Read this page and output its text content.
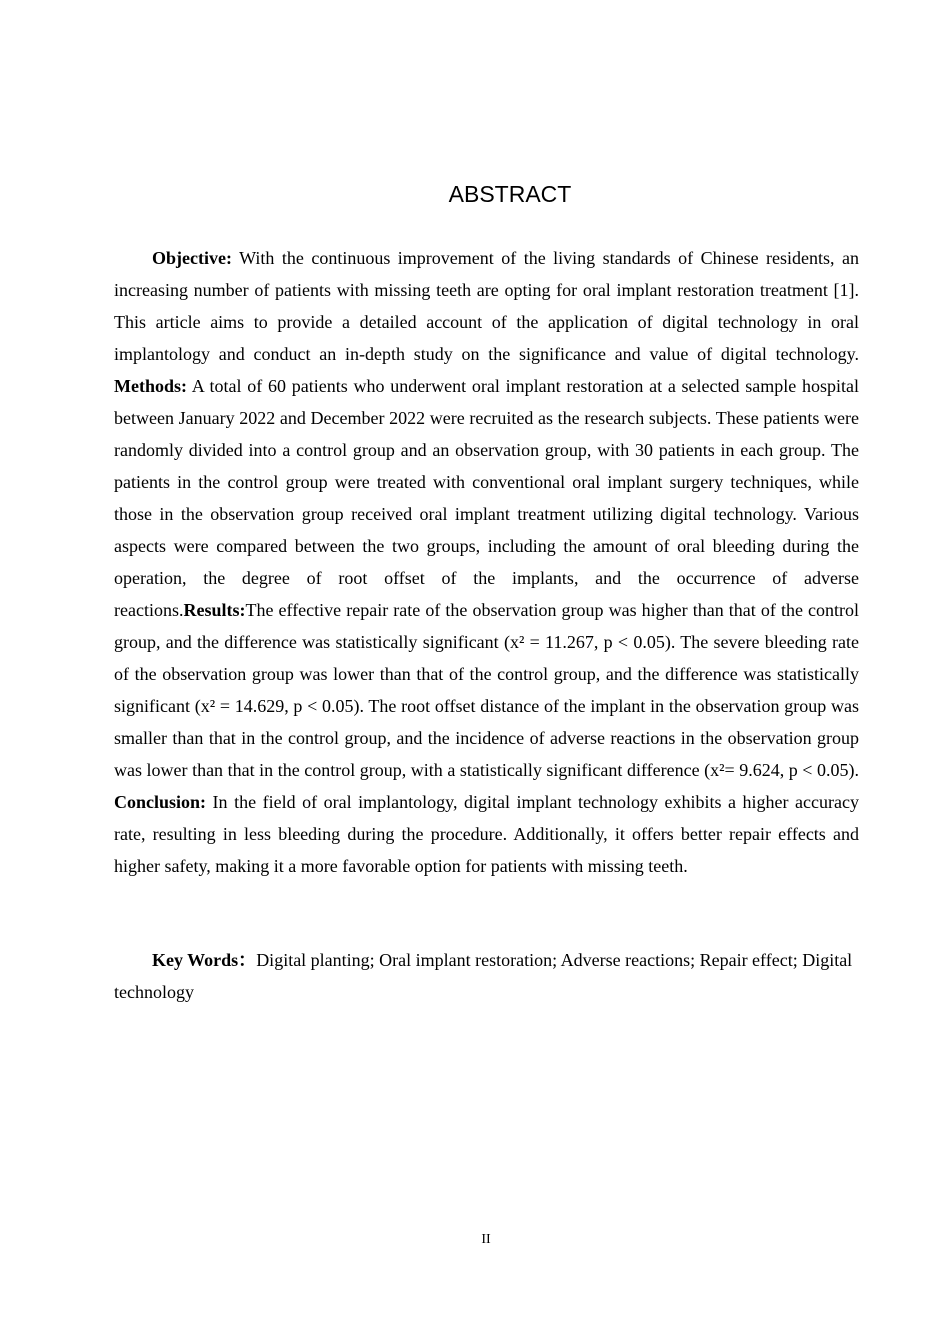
ABSTRACT

Objective: With the continuous improvement of the living standards of Chinese residents, an increasing number of patients with missing teeth are opting for oral implant restoration treatment [1]. This article aims to provide a detailed account of the application of digital technology in oral implantology and conduct an in-depth study on the significance and value of digital technology. Methods: A total of 60 patients who underwent oral implant restoration at a selected sample hospital between January 2022 and December 2022 were recruited as the research subjects. These patients were randomly divided into a control group and an observation group, with 30 patients in each group. The patients in the control group were treated with conventional oral implant surgery techniques, while those in the observation group received oral implant treatment utilizing digital technology. Various aspects were compared between the two groups, including the amount of oral bleeding during the operation, the degree of root offset of the implants, and the occurrence of adverse reactions.Results:The effective repair rate of the observation group was higher than that of the control group, and the difference was statistically significant (x² = 11.267, p < 0.05). The severe bleeding rate of the observation group was lower than that of the control group, and the difference was statistically significant (x² = 14.629, p < 0.05). The root offset distance of the implant in the observation group was smaller than that in the control group, and the incidence of adverse reactions in the observation group was lower than that in the control group, with a statistically significant difference (x²= 9.624, p < 0.05). Conclusion: In the field of oral implantology, digital implant technology exhibits a higher accuracy rate, resulting in less bleeding during the procedure. Additionally, it offers better repair effects and higher safety, making it a more favorable option for patients with missing teeth.

Key Words：Digital planting; Oral implant restoration; Adverse reactions; Repair effect; Digital technology

II
